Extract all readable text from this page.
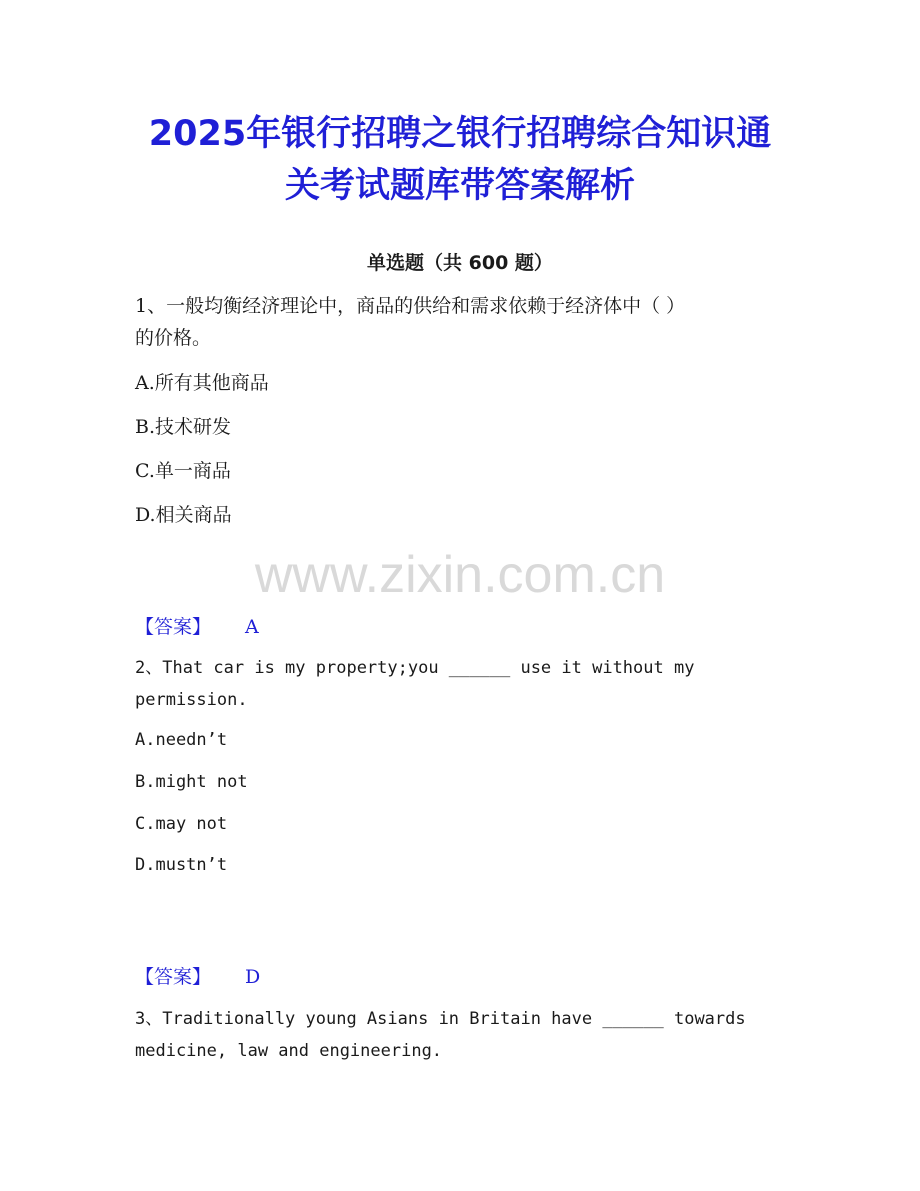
2025年银行招聘之银行招聘综合知识通
关考试题库带答案解析
单选题（共 600 题）
1、一般均衡经济理论中，商品的供给和需求依赖于经济体中（ ）
的价格。
A.所有其他商品
B.技术研发
C.单一商品
D.相关商品
www.zixin.com.cn
【答案】 A
2、That car is my property;you ______ use it without my
permission.
A.needn’t
B.might not
C.may not
D.mustn’t
【答案】 D
3、Traditionally young Asians in Britain have ______ towards
medicine, law and engineering.
